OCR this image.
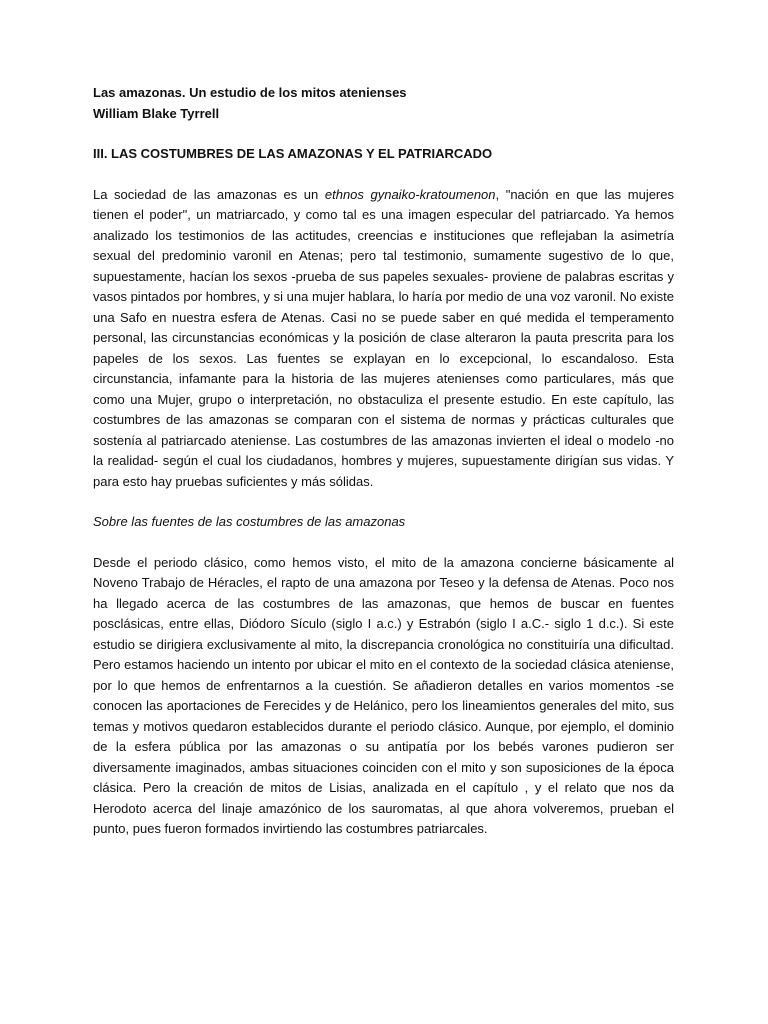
Las amazonas. Un estudio de los mitos atenienses

William Blake Tyrrell

III. LAS COSTUMBRES DE LAS AMAZONAS Y EL PATRIARCADO

La sociedad de las amazonas es un ethnos gynaiko-kratoumenon, "nación en que las mujeres tienen el poder", un matriarcado, y como tal es una imagen especular del patriarcado. Ya hemos analizado los testimonios de las actitudes, creencias e instituciones que reflejaban la asimetría sexual del predominio varonil en Atenas; pero tal testimonio, sumamente sugestivo de lo que, supuestamente, hacían los sexos -prueba de sus papeles sexuales- proviene de palabras escritas y vasos pintados por hombres, y si una mujer hablara, lo haría por medio de una voz varonil. No existe una Safo en nuestra esfera de Atenas. Casi no se puede saber en qué medida el temperamento personal, las circunstancias económicas y la posición de clase alteraron la pauta prescrita para los papeles de los sexos. Las fuentes se explayan en lo excepcional, lo escandaloso. Esta circunstancia, infamante para la historia de las mujeres atenienses como particulares, más que como una Mujer, grupo o interpretación, no obstaculiza el presente estudio. En este capítulo, las costumbres de las amazonas se comparan con el sistema de normas y prácticas culturales que sostenía al patriarcado ateniense. Las costumbres de las amazonas invierten el ideal o modelo -no la realidad- según el cual los ciudadanos, hombres y mujeres, supuestamente dirigían sus vidas. Y para esto hay pruebas suficientes y más sólidas.

Sobre las fuentes de las costumbres de las amazonas

Desde el periodo clásico, como hemos visto, el mito de la amazona concierne básicamente al Noveno Trabajo de Héracles, el rapto de una amazona por Teseo y la defensa de Atenas. Poco nos ha llegado acerca de las costumbres de las amazonas, que hemos de buscar en fuentes posclásicas, entre ellas, Diódoro Sículo (siglo I a.c.) y Estrabón (siglo I a.C.- siglo 1 d.c.). Si este estudio se dirigiera exclusivamente al mito, la discrepancia cronológica no constituiría una dificultad. Pero estamos haciendo un intento por ubicar el mito en el contexto de la sociedad clásica ateniense, por lo que hemos de enfrentarnos a la cuestión. Se añadieron detalles en varios momentos -se conocen las aportaciones de Ferecides y de Helánico, pero los lineamientos generales del mito, sus temas y motivos quedaron establecidos durante el periodo clásico. Aunque, por ejemplo, el dominio de la esfera pública por las amazonas o su antipatía por los bebés varones pudieron ser diversamente imaginados, ambas situaciones coinciden con el mito y son suposiciones de la época clásica. Pero la creación de mitos de Lisias, analizada en el capítulo , y el relato que nos da Herodoto acerca del linaje amazónico de los sauromatas, al que ahora volveremos, prueban el punto, pues fueron formados invirtiendo las costumbres patriarcales.
